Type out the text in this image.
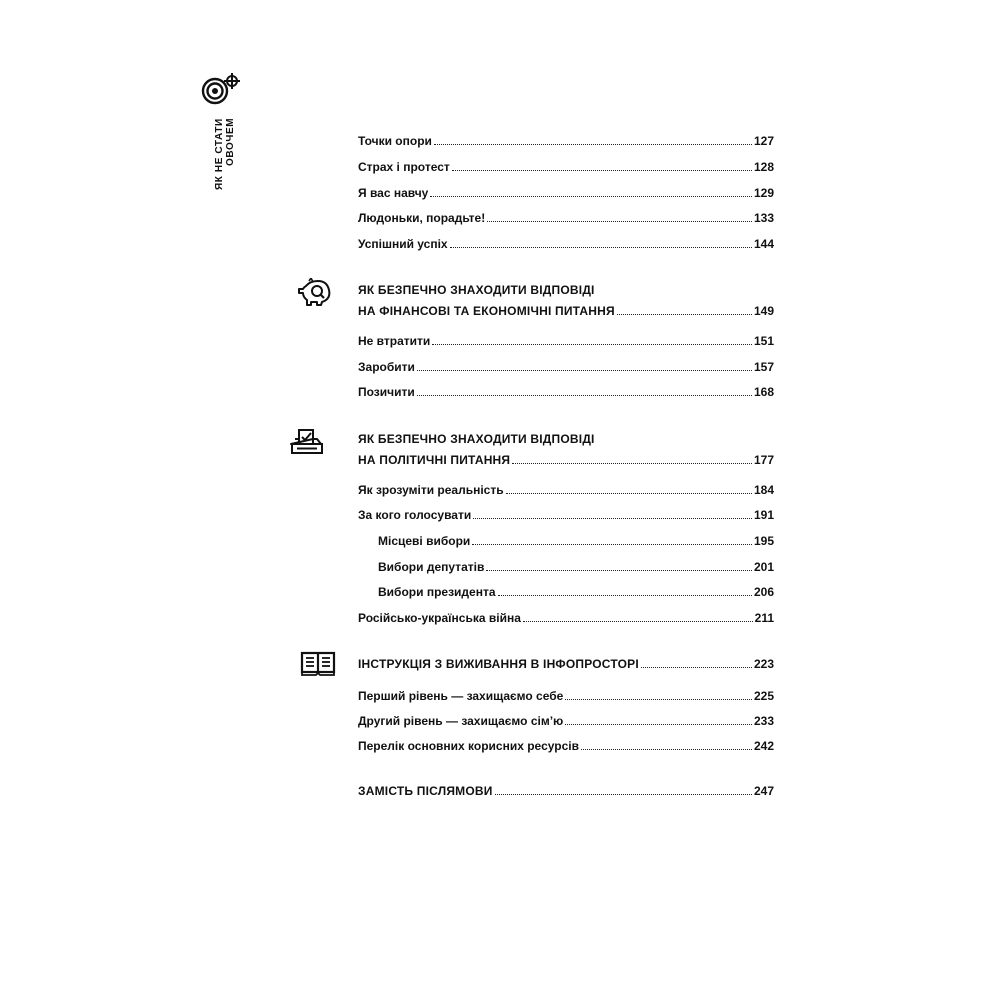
ЯК НЕ СТАТИ ОВОЧЕМ	Точки опори	127
Страх і протест	128
Я вас навчу	129
Людоньки, порадьте!	133
Успішний успіх	144
ЯК БЕЗПЕЧНО ЗНАХОДИТИ ВІДПОВІДІ
НА ФІНАНСОВІ ТА ЕКОНОМІЧНІ ПИТАННЯ	149
Не втратити	151
Заробити	157
Позичити	168
ЯК БЕЗПЕЧНО ЗНАХОДИТИ ВІДПОВІДІ
НА ПОЛІТИЧНІ ПИТАННЯ	177
Як зрозуміти реальність	184
За кого голосувати	191
Місцеві вибори	195
Вибори депутатів	201
Вибори президента	206
Російсько-українська війна	211
ІНСТРУКЦІЯ З ВИЖИВАННЯ В ІНФОПРОСТОРІ	223
Перший рівень — захищаємо себе	225
Другий рівень — захищаємо сім’ю	233
Перелік основних корисних ресурсів	242
ЗАМІСТЬ ПІСЛЯМОВИ	247
